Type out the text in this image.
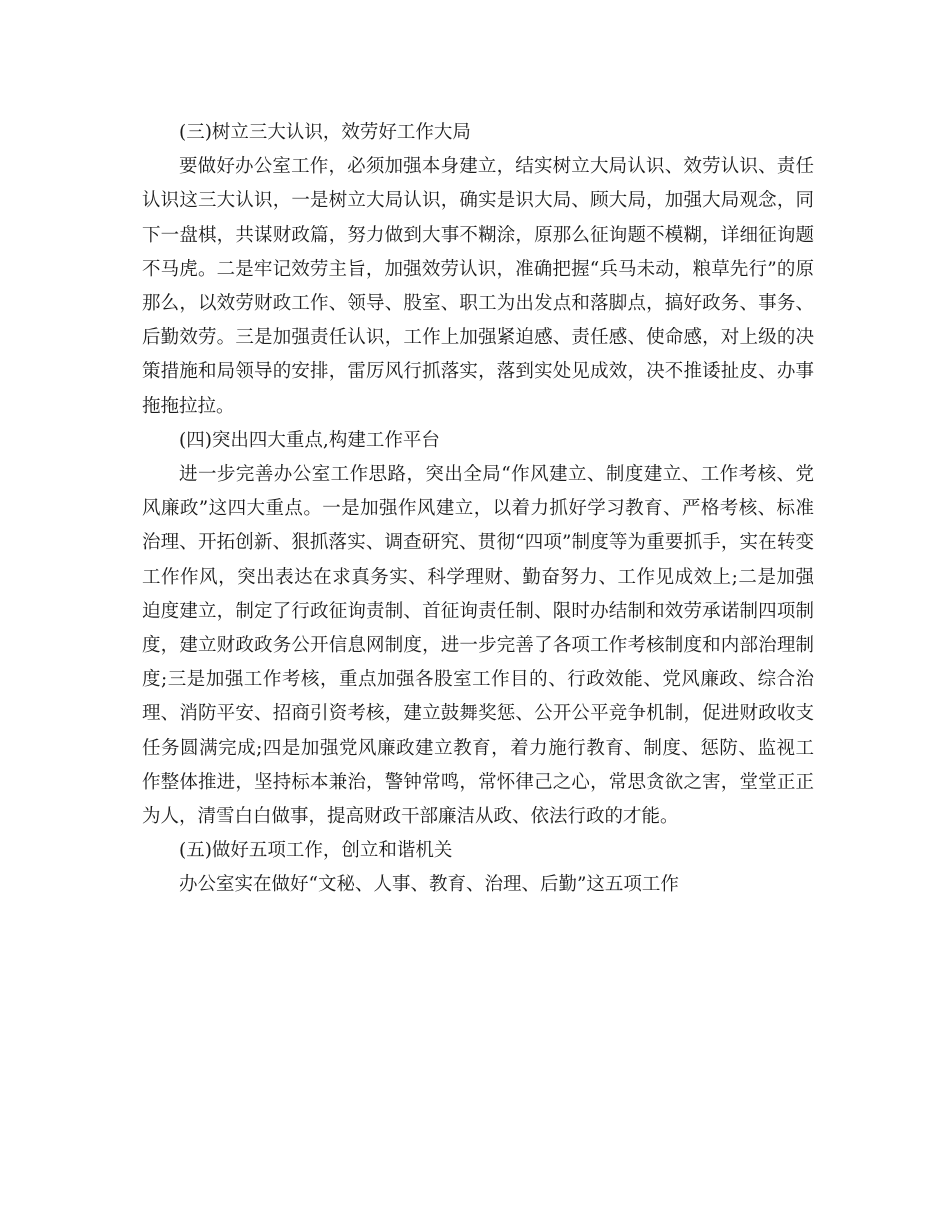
(三)树立三大认识，效劳好工作大局

要做好办公室工作，必须加强本身建立，结实树立大局认识、效劳认识、责任认识这三大认识，一是树立大局认识，确实是识大局、顾大局，加强大局观念，同下一盘棋，共谋财政篇，努力做到大事不糊涂，原那么征询题不模糊，详细征询题不马虎。二是牢记效劳主旨，加强效劳认识，准确把握“兵马未动，粮草先行”的原那么，以效劳财政工作、领导、股室、职工为出发点和落脚点，搞好政务、事务、后勤效劳。三是加强责任认识，工作上加强紧迫感、责任感、使命感，对上级的决策措施和局领导的安排，雷厉风行抓落实，落到实处见成效，决不推诿扯皮、办事拖拖拉拉。

(四)突出四大重点,构建工作平台

进一步完善办公室工作思路，突出全局“作风建立、制度建立、工作考核、党风廉政”这四大重点。一是加强作风建立，以着力抓好学习教育、严格考核、标准治理、开拓创新、狠抓落实、调查研究、贯彻“四项”制度等为重要抓手，实在转变工作作风，突出表达在求真务实、科学理财、勤奋努力、工作见成效上;二是加强迫度建立，制定了行政征询责制、首征询责任制、限时办结制和效劳承诺制四项制度，建立财政政务公开信息网制度，进一步完善了各项工作考核制度和内部治理制度;三是加强工作考核，重点加强各股室工作目的、行政效能、党风廉政、综合治理、消防平安、招商引资考核，建立鼓舞奖惩、公开公平竞争机制，促进财政收支任务圆满完成;四是加强党风廉政建立教育，着力施行教育、制度、惩防、监视工作整体推进，坚持标本兼治，警钟常鸣，常怀律己之心，常思贪欲之害，堂堂正正为人，清雪白白做事，提高财政干部廉洁从政、依法行政的才能。

(五)做好五项工作，创立和谐机关

办公室实在做好“文秘、人事、教育、治理、后勤”这五项工作
